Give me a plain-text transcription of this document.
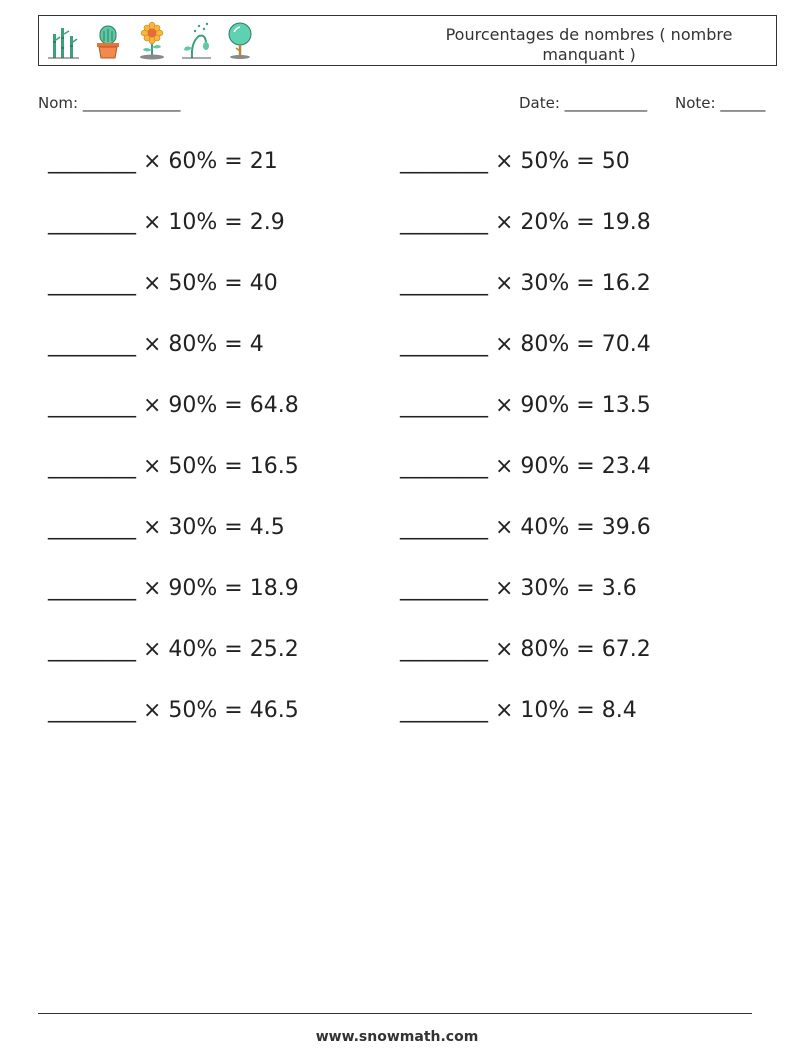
Pourcentages de nombres ( nombre manquant )
Nom: _____________	Date: ___________ Note: ______
________ × 60% = 21	________ × 50% = 50
________ × 10% = 2.9	________ × 20% = 19.8
________ × 50% = 40	________ × 30% = 16.2
________ × 80% = 4	________ × 80% = 70.4
________ × 90% = 64.8	________ × 90% = 13.5
________ × 50% = 16.5	________ × 90% = 23.4
________ × 30% = 4.5	________ × 40% = 39.6
________ × 90% = 18.9	________ × 30% = 3.6
________ × 40% = 25.2	________ × 80% = 67.2
________ × 50% = 46.5	________ × 10% = 8.4
www.snowmath.com
